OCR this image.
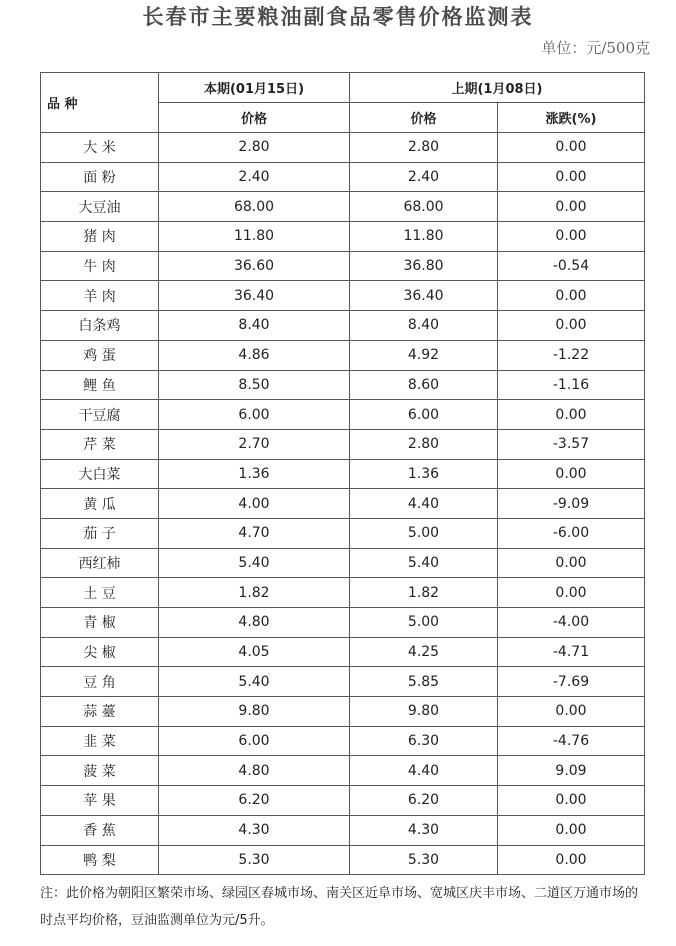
长春市主要粮油副食品零售价格监测表
单位：元/500克
品 种	本期(01月15日)	上期(1月08日)	
	价格	价格	涨跌(%)
大 米	2.80	2.80	0.00
面 粉	2.40	2.40	0.00
大豆油	68.00	68.00	0.00
猪 肉	11.80	11.80	0.00
牛 肉	36.60	36.80	-0.54
羊 肉	36.40	36.40	0.00
白条鸡	8.40	8.40	0.00
鸡 蛋	4.86	4.92	-1.22
鲤 鱼	8.50	8.60	-1.16
干豆腐	6.00	6.00	0.00
芹 菜	2.70	2.80	-3.57
大白菜	1.36	1.36	0.00
黄 瓜	4.00	4.40	-9.09
茄 子	4.70	5.00	-6.00
西红柿	5.40	5.40	0.00
土 豆	1.82	1.82	0.00
青 椒	4.80	5.00	-4.00
尖 椒	4.05	4.25	-4.71
豆 角	5.40	5.85	-7.69
蒜 薹	9.80	9.80	0.00
韭 菜	6.00	6.30	-4.76
菠 菜	4.80	4.40	9.09
苹 果	6.20	6.20	0.00
香 蕉	4.30	4.30	0.00
鸭 梨	5.30	5.30	0.00
注：此价格为朝阳区繁荣市场、绿园区春城市场、南关区近阜市场、宽城区庆丰市场、二道区万通市场的时点平均价格，豆油监测单位为元/5升。
